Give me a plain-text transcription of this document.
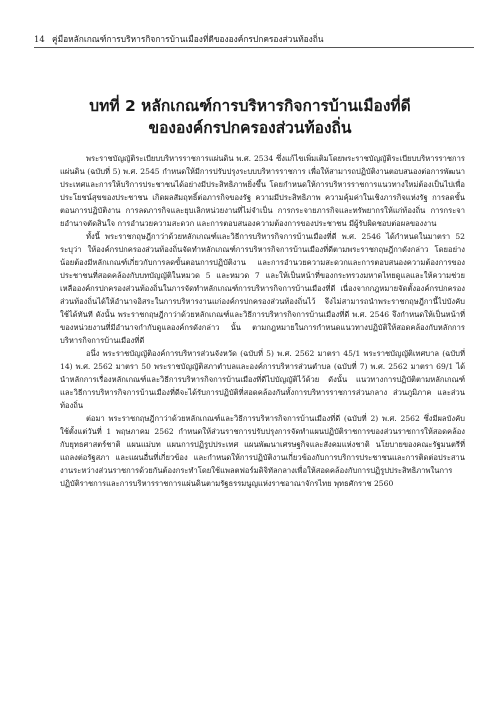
14 คู่มือหลักเกณฑ์การบริหารกิจการบ้านเมืองที่ดีขององค์กรปกครองส่วนท้องถิ่น
บทที่ 2 หลักเกณฑ์การบริหารกิจการบ้านเมืองที่ดี
ขององค์กรปกครองส่วนท้องถิ่น

พระราชบัญญัติระเบียบบริหารราชการแผ่นดิน พ.ศ. 2534 ซึ่งแก้ไขเพิ่มเติมโดยพระราชบัญญัติระเบียบบริหารราชการแผ่นดิน (ฉบับที่ 5) พ.ศ. 2545 กำหนดให้มีการปรับปรุงระบบบริหารราชการ เพื่อให้สามารถปฏิบัติงานตอบสนองต่อการพัฒนาประเทศและการให้บริการประชาชนได้อย่างมีประสิทธิภาพยิ่งขึ้น โดยกำหนดให้การบริหารราชการแนวทางใหม่ต้องเป็นไปเพื่อประโยชน์สุขของประชาชน เกิดผลสัมฤทธิ์ต่อภารกิจของรัฐ ความมีประสิทธิภาพ ความคุ้มค่าในเชิงภารกิจแห่งรัฐ การลดขั้นตอนการปฏิบัติงาน การลดภารกิจและยุบเลิกหน่วยงานที่ไม่จำเป็น การกระจายภารกิจและทรัพยากรให้แก่ท้องถิ่น การกระจายอำนาจตัดสินใจ การอำนวยความสะดวก และการตอบสนองความต้องการของประชาชน มีผู้รับผิดชอบต่อผลของงาน

ทั้งนี้ พระราชกฤษฎีกาว่าด้วยหลักเกณฑ์และวิธีการบริหารกิจการบ้านเมืองที่ดี พ.ศ. 2546 ได้กำหนดในมาตรา 52 ระบุว่า ให้องค์กรปกครองส่วนท้องถิ่นจัดทำหลักเกณฑ์การบริหารกิจการบ้านเมืองที่ดีตามพระราชกฤษฎีกาดังกล่าว โดยอย่างน้อยต้องมีหลักเกณฑ์เกี่ยวกับการลดขั้นตอนการปฏิบัติงาน และการอำนวยความสะดวกและการตอบสนองความต้องการของประชาชนที่สอดคล้องกับบทบัญญัติในหมวด 5 และหมวด 7 และให้เป็นหน้าที่ของกระทรวงมหาดไทยดูแลและให้ความช่วยเหลือองค์กรปกครองส่วนท้องถิ่นในการจัดทำหลักเกณฑ์การบริหารกิจการบ้านเมืองที่ดี เนื่องจากกฎหมายจัดตั้งองค์กรปกครองส่วนท้องถิ่นได้ให้อำนาจอิสระในการบริหารงานแก่องค์กรปกครองส่วนท้องถิ่นไว้ จึงไม่สามารถนำพระราชกฤษฎีกานี้ไปบังคับใช้ได้ทันที ดังนั้น พระราชกฤษฎีกาว่าด้วยหลักเกณฑ์และวิธีการบริหารกิจการบ้านเมืองที่ดี พ.ศ. 2546 จึงกำหนดให้เป็นหน้าที่ของหน่วยงานที่มีอำนาจกำกับดูแลองค์กรดังกล่าว นั้น ตามกฎหมายในการกำหนดแนวทางปฏิบัติให้สอดคล้องกับหลักการบริหารกิจการบ้านเมืองที่ดี

อนึ่ง พระราชบัญญัติองค์การบริหารส่วนจังหวัด (ฉบับที่ 5) พ.ศ. 2562 มาตรา 45/1 พระราชบัญญัติเทศบาล (ฉบับที่ 14) พ.ศ. 2562 มาตรา 50 พระราชบัญญัติสภาตำบลและองค์การบริหารส่วนตำบล (ฉบับที่ 7) พ.ศ. 2562 มาตรา 69/1 ได้นำหลักการเรื่องหลักเกณฑ์และวิธีการบริหารกิจการบ้านเมืองที่ดีไปบัญญัติไว้ด้วย ดังนั้น แนวทางการปฏิบัติตามหลักเกณฑ์และวิธีการบริหารกิจการบ้านเมืองที่ดีจะได้รับการปฏิบัติที่สอดคล้องกันทั้งการบริหารราชการส่วนกลาง ส่วนภูมิภาค และส่วนท้องถิ่น

ต่อมา พระราชกฤษฎีกาว่าด้วยหลักเกณฑ์และวิธีการบริหารกิจการบ้านเมืองที่ดี (ฉบับที่ 2) พ.ศ. 2562 ซึ่งมีผลบังคับใช้ตั้งแต่วันที่ 1 พฤษภาคม 2562 กำหนดให้ส่วนราชการปรับปรุงการจัดทำแผนปฏิบัติราชการของส่วนราชการให้สอดคล้องกับยุทธศาสตร์ชาติ แผนแม่บท แผนการปฏิรูปประเทศ แผนพัฒนาเศรษฐกิจและสังคมแห่งชาติ นโยบายของคณะรัฐมนตรีที่แถลงต่อรัฐสภา และแผนอื่นที่เกี่ยวข้อง และกำหนดให้การปฏิบัติงานเกี่ยวข้องกับการบริการประชาชนและการติดต่อประสานงานระหว่างส่วนราชการด้วยกันต้องกระทำโดยใช้แพลตฟอร์มดิจิทัลกลางเพื่อให้สอดคล้องกับการปฏิรูปประสิทธิภาพในการปฏิบัติราชการและการบริหารราชการแผ่นดินตามรัฐธรรมนูญแห่งราชอาณาจักรไทย พุทธศักราช 2560
